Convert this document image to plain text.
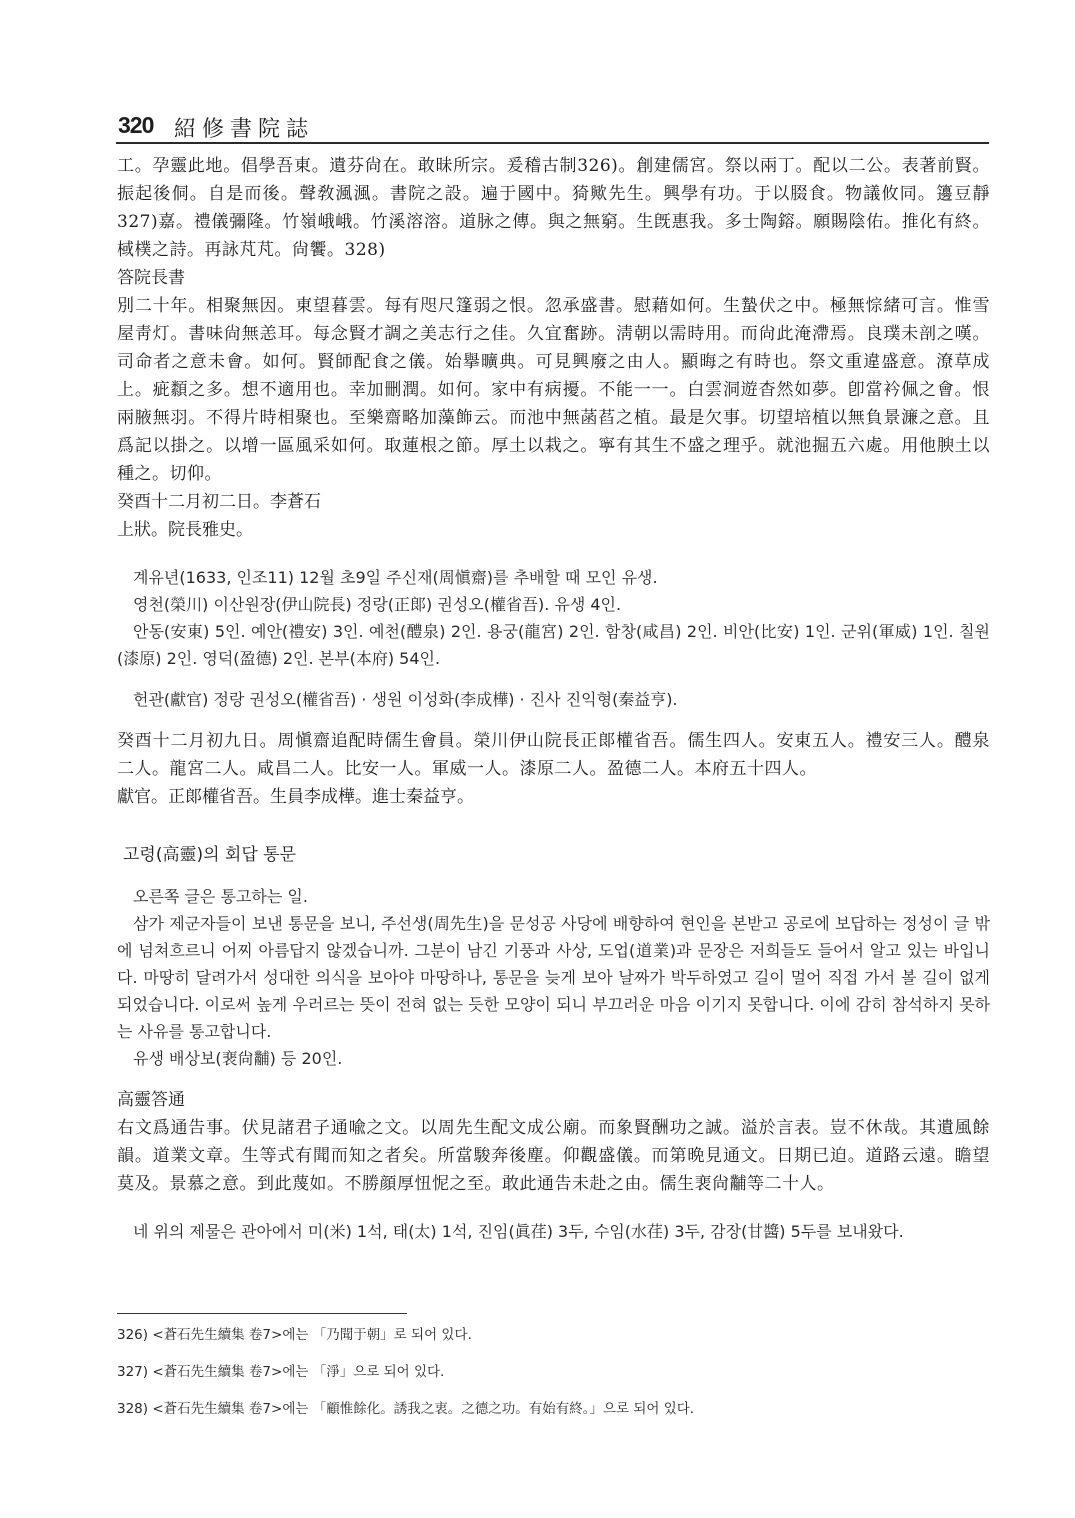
320 紹修書院誌

工。孕靈此地。倡學吾東。遺芬尙在。敢昧所宗。爰稽古制326)。創建儒宮。祭以兩丁。配以二公。表著前賢。振起後侗。自是而後。聲敎渢渢。書院之設。遍于國中。猗歟先生。興學有功。于以腏食。物議攸同。籩豆靜327)嘉。禮儀彌隆。竹嶺峨峨。竹溪溶溶。道脉之傳。與之無窮。生旣惠我。多士陶鎔。願賜陰佑。推化有終。棫樸之詩。再詠芃芃。尙饗。328)

答院長書

別二十年。相聚無因。東望暮雲。每有咫尺篷弱之恨。忽承盛書。慰藉如何。生蟄伏之中。極無悰緒可言。惟雪屋靑灯。書味尙無恙耳。每念賢才調之美志行之佳。久宜奮跡。淸朝以需時用。而尙此淹滯焉。良璞未剖之嘆。司命者之意未會。如何。賢師配食之儀。始擧曠典。可見興廢之由人。顯晦之有時也。祭文重違盛意。潦草成上。疵纇之多。想不適用也。幸加刪潤。如何。家中有病擾。不能一一。白雲洞遊杳然如夢。卽當衿佩之會。恨兩腋無羽。不得片時相聚也。至樂齋略加藻飾云。而池中無菡萏之植。最是欠事。切望培植以無負景濂之意。且爲記以掛之。以增一區風采如何。取蓮根之節。厚土以栽之。寧有其生不盛之理乎。就池掘五六處。用他腴土以種之。切仰。

癸酉十二月初二日。李蒼石

上狀。院長雅史。

계유년(1633, 인조11) 12월 초9일 주신재(周愼齋)를 추배할 때 모인 유생.

영천(榮川) 이산원장(伊山院長) 정랑(正郞) 권성오(權省吾). 유생 4인.

안동(安東) 5인. 예안(禮安) 3인. 예천(醴泉) 2인. 용궁(龍宮) 2인. 함창(咸昌) 2인. 비안(比安) 1인. 군위(軍威) 1인. 칠원(漆原) 2인. 영덕(盈德) 2인. 본부(本府) 54인.

헌관(獻官) 정랑 권성오(權省吾) · 생원 이성화(李成樺) · 진사 진익형(秦益亨).

癸酉十二月初九日。周愼齋追配時儒生會員。榮川伊山院長正郞權省吾。儒生四人。安東五人。禮安三人。醴泉二人。龍宮二人。咸昌二人。比安一人。軍威一人。漆原二人。盈德二人。本府五十四人。

獻官。正郞權省吾。生員李成樺。進士秦益亨。

고령(高靈)의 회답 통문

오른쪽 글은 통고하는 일.

삼가 제군자들이 보낸 통문을 보니, 주선생(周先生)을 문성공 사당에 배향하여 현인을 본받고 공로에 보답하는 정성이 글 밖에 넘쳐흐르니 어찌 아름답지 않겠습니까. 그분이 남긴 기풍과 사상, 도업(道業)과 문장은 저희들도 들어서 알고 있는 바입니다. 마땅히 달려가서 성대한 의식을 보아야 마땅하나, 통문을 늦게 보아 날짜가 박두하였고 길이 멀어 직접 가서 볼 길이 없게 되었습니다. 이로써 높게 우러르는 뜻이 전혀 없는 듯한 모양이 되니 부끄러운 마음 이기지 못합니다. 이에 감히 참석하지 못하는 사유를 통고합니다.

유생 배상보(裵尙黼) 등 20인.

高靈答通

右文爲通告事。伏見諸君子通喩之文。以周先生配文成公廟。而象賢酬功之誠。溢於言表。豈不休哉。其遺風餘韻。道業文章。生等式有聞而知之者矣。所當駿奔後塵。仰觀盛儀。而第晩見通文。日期已迫。道路云遠。瞻望莫及。景慕之意。到此蔑如。不勝顔厚忸怩之至。敢此通告未赴之由。儒生裵尙黼等二十人。

네 위의 제물은 관아에서 미(米) 1석, 태(太) 1석, 진임(眞荏) 3두, 수임(水荏) 3두, 감장(甘醬) 5두를 보내왔다.

326) <蒼石先生續集 卷7>에는 「乃聞于朝」로 되어 있다.
327) <蒼石先生續集 卷7>에는 「淨」으로 되어 있다.
328) <蒼石先生續集 卷7>에는 「顧惟餘化。誘我之衷。之德之功。有始有終。」으로 되어 있다.
